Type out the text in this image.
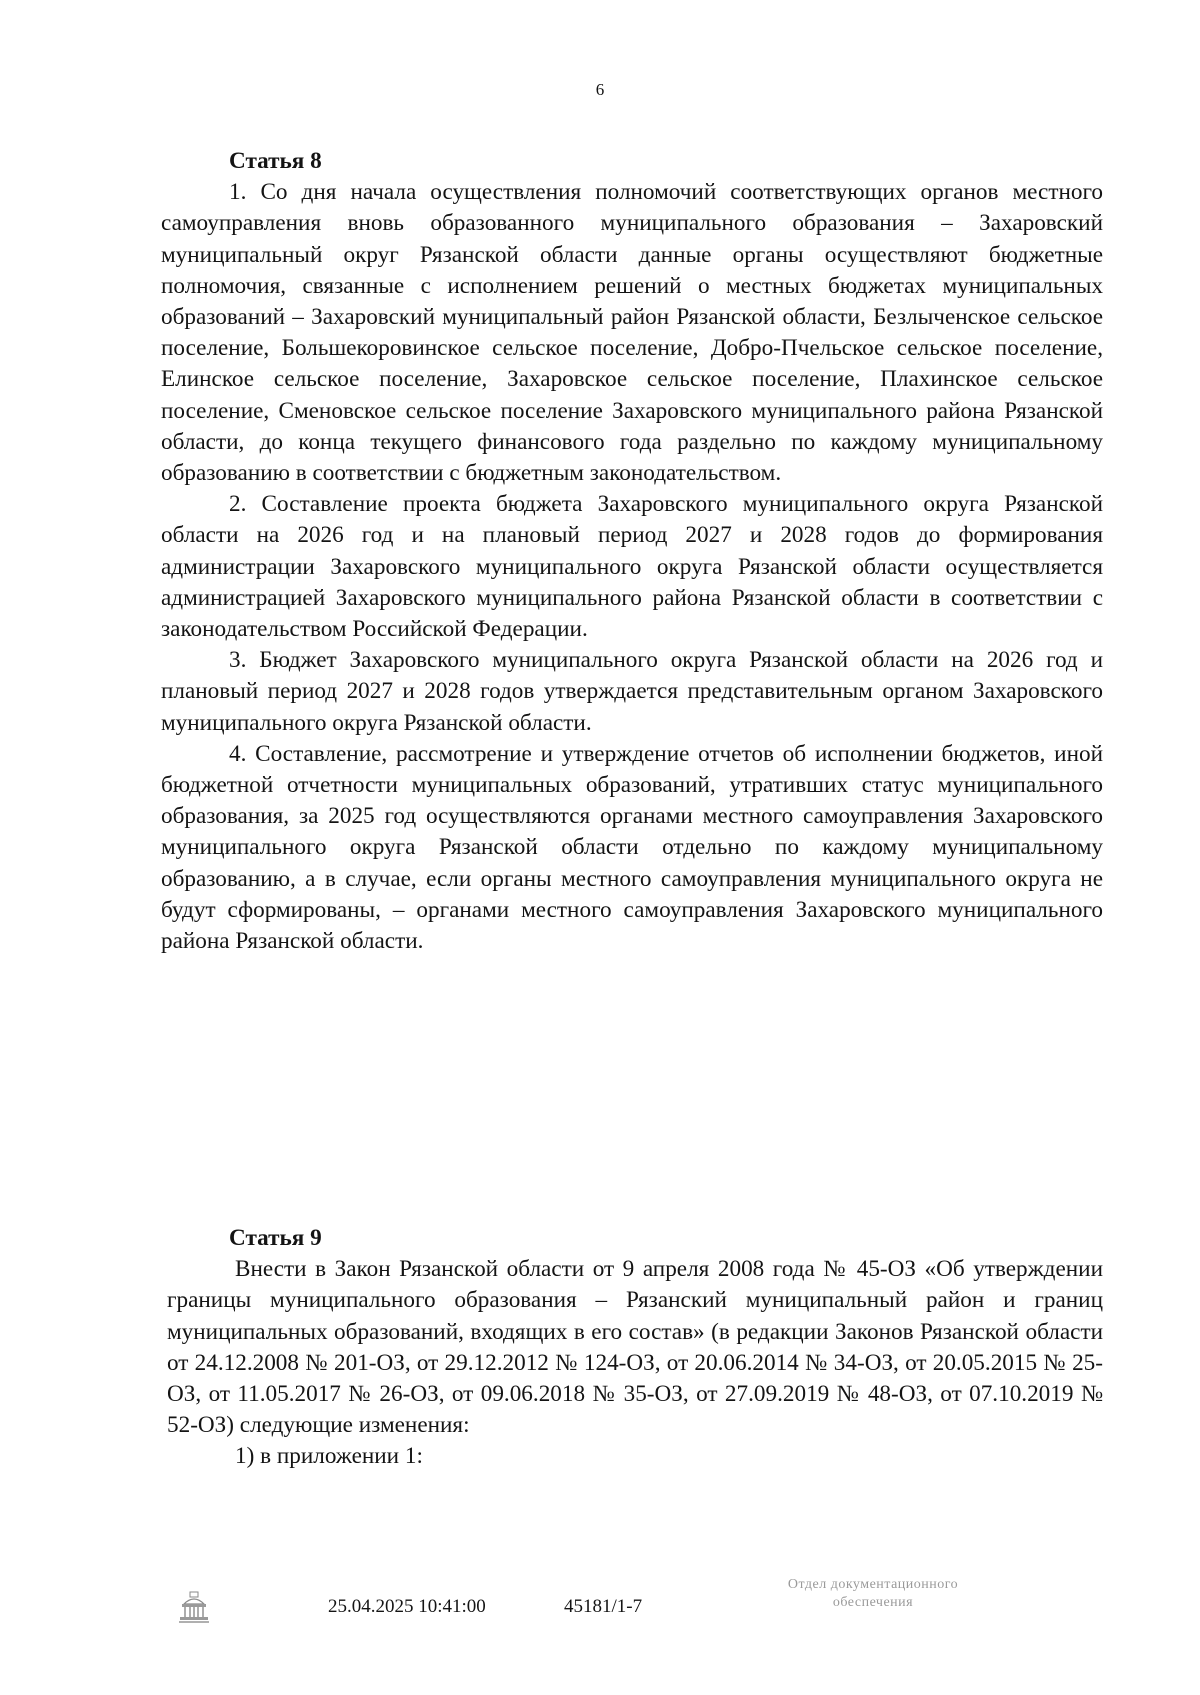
6

Статья 8

1. Со дня начала осуществления полномочий соответствующих органов местного самоуправления вновь образованного муниципального образования – Захаровский муниципальный округ Рязанской области данные органы осуществляют бюджетные полномочия, связанные с исполнением решений о местных бюджетах муниципальных образований – Захаровский муниципальный район Рязанской области, Безлыченское сельское поселение, Большекоровинское сельское поселение, Добро-Пчельское сельское поселение, Елинское сельское поселение, Захаровское сельское поселение, Плахинское сельское поселение, Сменовское сельское поселение Захаровского муниципального района Рязанской области, до конца текущего финансового года раздельно по каждому муниципальному образованию в соответствии с бюджетным законодательством.

2. Составление проекта бюджета Захаровского муниципального округа Рязанской области на 2026 год и на плановый период 2027 и 2028 годов до формирования администрации Захаровского муниципального округа Рязанской области осуществляется администрацией Захаровского муниципального района Рязанской области в соответствии с законодательством Российской Федерации.

3. Бюджет Захаровского муниципального округа Рязанской области на 2026 год и плановый период 2027 и 2028 годов утверждается представительным органом Захаровского муниципального округа Рязанской области.

4. Составление, рассмотрение и утверждение отчетов об исполнении бюджетов, иной бюджетной отчетности муниципальных образований, утративших статус муниципального образования, за 2025 год осуществляются органами местного самоуправления Захаровского муниципального округа Рязанской области отдельно по каждому муниципальному образованию, а в случае, если органы местного самоуправления муниципального округа не будут сформированы, – органами местного самоуправления Захаровского муниципального района Рязанской области.

Статья 9

Внести в Закон Рязанской области от 9 апреля 2008 года № 45-ОЗ «Об утверждении границы муниципального образования – Рязанский муниципальный район и границ муниципальных образований, входящих в его состав» (в редакции Законов Рязанской области от 24.12.2008 № 201-ОЗ, от 29.12.2012 № 124-ОЗ, от 20.06.2014 № 34-ОЗ, от 20.05.2015 № 25-ОЗ, от 11.05.2017 № 26-ОЗ, от 09.06.2018 № 35-ОЗ, от 27.09.2019 № 48-ОЗ, от 07.10.2019 № 52-ОЗ) следующие изменения:

1) в приложении 1:

25.04.2025 10:41:00	45181/1-7
Отдел документационного
обеспечения
